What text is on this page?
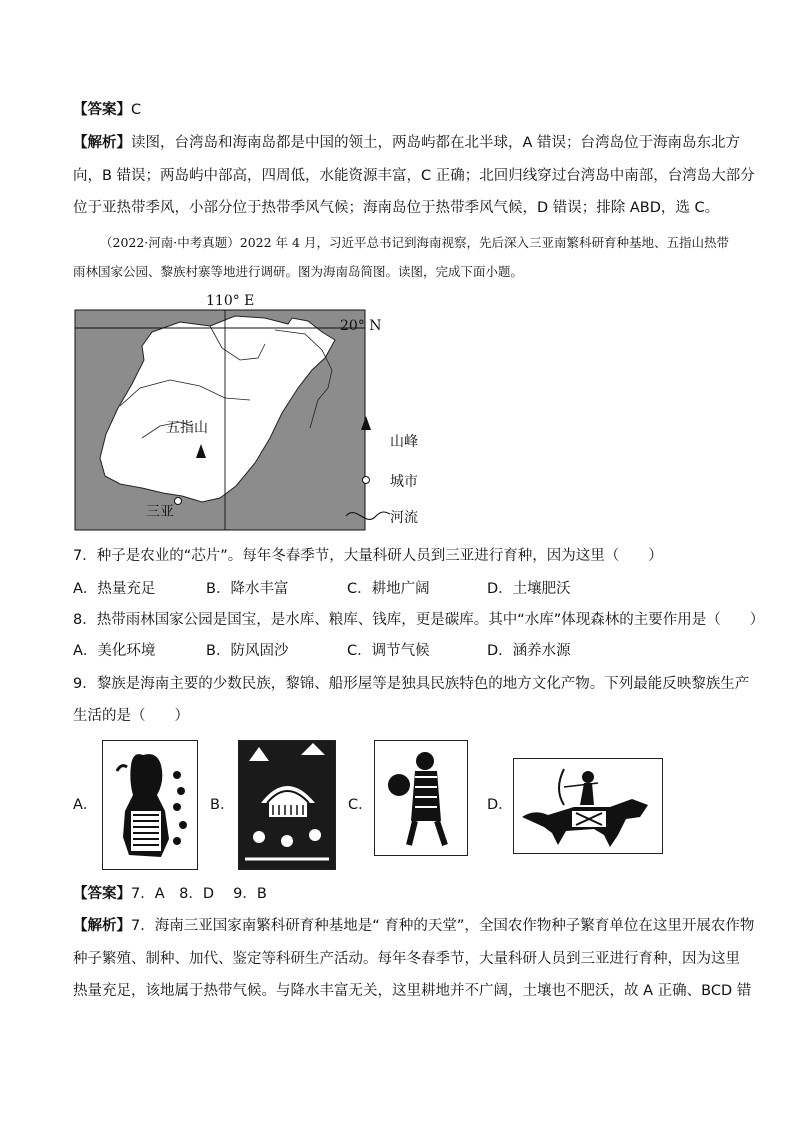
【答案】C
【解析】读图，台湾岛和海南岛都是中国的领土，两岛屿都在北半球，A 错误；台湾岛位于海南岛东北方
向，B 错误；两岛屿中部高，四周低，水能资源丰富，C 正确；北回归线穿过台湾岛中南部，台湾岛大部分
位于亚热带季风，小部分位于热带季风气候；海南岛位于热带季风气候，D 错误；排除 ABD，选 C。
（2022·河南·中考真题）2022 年 4 月，习近平总书记到海南视察，先后深入三亚南繁科研育种基地、五指山热带
雨林国家公园、黎族村寨等地进行调研。图为海南岛简图。读图，完成下面小题。
110° E
20° N
五指山
三亚
山峰
城市
河流
7．种子是农业的“芯片”。每年冬春季节，大量科研人员到三亚进行育种，因为这里（　　）
A．热量充足	B．降水丰富	C．耕地广阔	D．土壤肥沃
8．热带雨林国家公园是国宝，是水库、粮库、钱库，更是碳库。其中“水库”体现森林的主要作用是（　　）
A．美化环境	B．防风固沙	C．调节气候	D．涵养水源
9．黎族是海南主要的少数民族，黎锦、船形屋等是独具民族特色的地方文化产物。下列最能反映黎族生产
生活的是（　　）
A．	B．	C．	D．
【答案】7．A　8．D　 9．B
【解析】7．海南三亚国家南繁科研育种基地是“ 育种的天堂”，全国农作物种子繁育单位在这里开展农作物
种子繁殖、制种、加代、鉴定等科研生产活动。每年冬春季节，大量科研人员到三亚进行育种，因为这里
热量充足，该地属于热带气候。与降水丰富无关，这里耕地并不广阔，土壤也不肥沃，故 A 正确、BCD 错
